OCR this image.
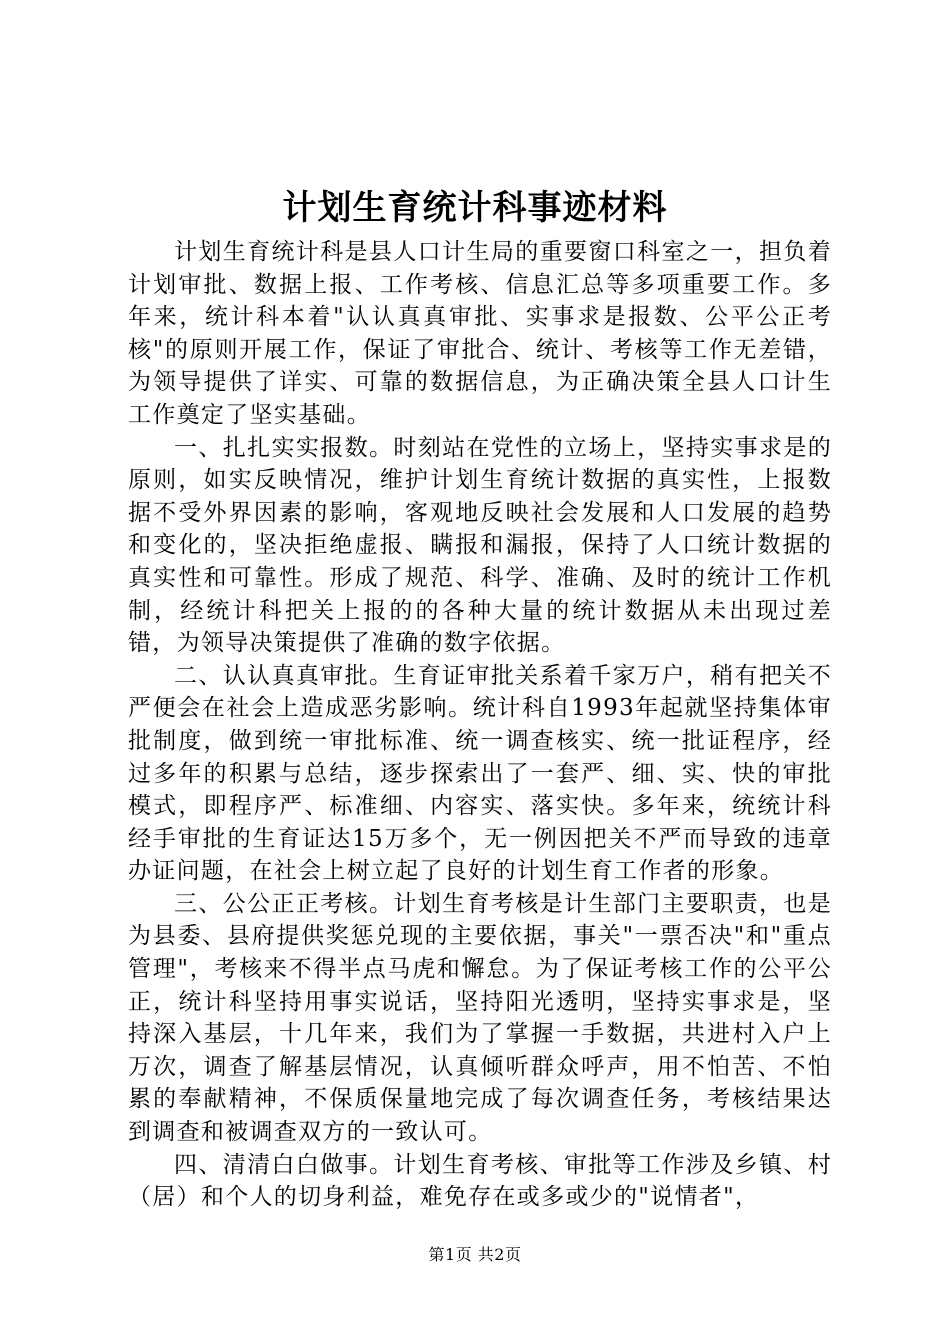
计划生育统计科事迹材料

计划生育统计科是县人口计生局的重要窗口科室之一，担负着计划审批、数据上报、工作考核、信息汇总等多项重要工作。多年来，统计科本着"认认真真审批、实事求是报数、公平公正考核"的原则开展工作，保证了审批合、统计、考核等工作无差错，为领导提供了详实、可靠的数据信息，为正确决策全县人口计生工作奠定了坚实基础。

一、扎扎实实报数。时刻站在党性的立场上，坚持实事求是的原则，如实反映情况，维护计划生育统计数据的真实性，上报数据不受外界因素的影响，客观地反映社会发展和人口发展的趋势和变化的，坚决拒绝虚报、瞒报和漏报，保持了人口统计数据的真实性和可靠性。形成了规范、科学、准确、及时的统计工作机制，经统计科把关上报的的各种大量的统计数据从未出现过差错，为领导决策提供了准确的数字依据。

二、认认真真审批。生育证审批关系着千家万户，稍有把关不严便会在社会上造成恶劣影响。统计科自1993年起就坚持集体审批制度，做到统一审批标准、统一调查核实、统一批证程序，经过多年的积累与总结，逐步探索出了一套严、细、实、快的审批模式，即程序严、标准细、内容实、落实快。多年来，统统计科经手审批的生育证达15万多个，无一例因把关不严而导致的违章办证问题，在社会上树立起了良好的计划生育工作者的形象。

三、公公正正考核。计划生育考核是计生部门主要职责，也是为县委、县府提供奖惩兑现的主要依据，事关"一票否决"和"重点管理"，考核来不得半点马虎和懈怠。为了保证考核工作的公平公正，统计科坚持用事实说话，坚持阳光透明，坚持实事求是，坚持深入基层，十几年来，我们为了掌握一手数据，共进村入户上万次，调查了解基层情况，认真倾听群众呼声，用不怕苦、不怕累的奉献精神，不保质保量地完成了每次调查任务，考核结果达到调查和被调查双方的一致认可。

四、清清白白做事。计划生育考核、审批等工作涉及乡镇、村（居）和个人的切身利益，难免存在或多或少的"说情者"，

第1页 共2页
